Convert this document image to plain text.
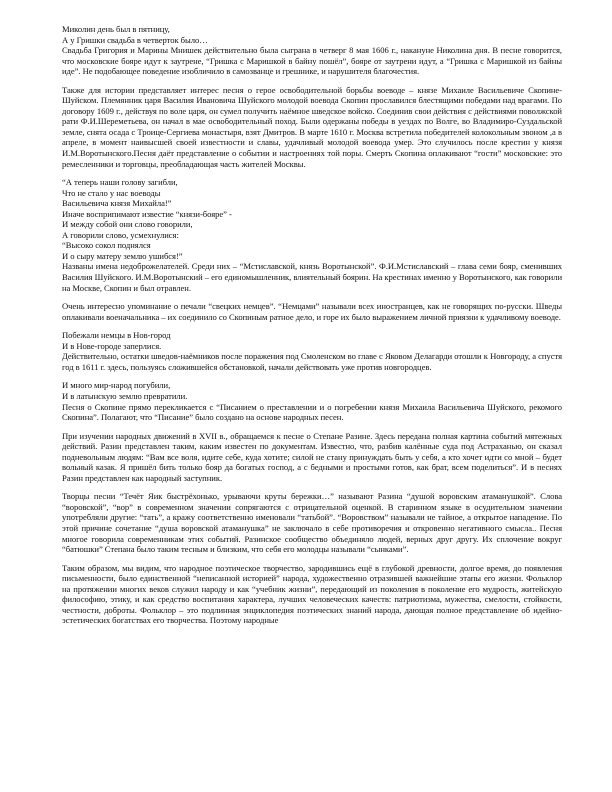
Миколин день был в пятницу,
А у Гришки свадьба в четверток было…
Свадьба Григория и Марины Мнишек действительно была сыграна в четверг 8 мая 1606 г., накануне Николина дня. В песне говорится, что московские бояре идут к заутрене, “Гришка с Маришкой в байну пошёл”, бояре от заутрени идут, а “Гришка с Маришкой из байны иде”. Не подобающее поведение изобличило в самозванце и грешнике, и нарушителя благочестия.
Также для истории представляет интерес песня о герое освободительной борьбы воеводе – князе Михаиле Васильевиче Скопине-Шуйском. Племянник царя Василия Ивановича Шуйского молодой воевода Скопин прославился блестящими победами над врагами. По договору 1609 г., действуя по воле царя, он сумел получить наёмное шведское войско. Соединив свои действия с действиями поволжской рати Ф.И.Шереметьева, он начал в мае освободительный поход. Были одержаны победы в уездах по Волге, во Владимиро-Суздальской земле, снята осада с Троице-Сергиева монастыря, взят Дмитров. В марте 1610 г. Москва встретила победителей колокольным звоном ,а в апреле, в момент наивысшей своей известности и славы, удачливый молодой воевода умер. Это случилось после крестин у князя И.М.Воротынского.Песня даёт представление о событии и настроениях той поры. Смерть Скопина оплакивают “гости” московские: это ремесленники и торговцы, преобладающая часть жителей Москвы.
“А теперь наши голову загибли,
Что не стало у нас воеводы
Васильевича князя Михайла!”
Иначе восприпимают известие “князи-бояре” -
И между собой они слово говорили,
А говорили слово, усмехнулися:
“Высоко сокол поднялся
И о сыру матеру землю ушибся!”
Названы имена недоброжелателей. Среди них – “Мстиславской, князь Воротынской”. Ф.И.Мстиславский – глава семи бояр, сменивших Василия Шуйского. И.М.Воротынский – его единомышленник, влиятельный боярин. На крестинах именно у Воротынского, как говорили на Москве, Скопин и был отравлен.
Очень интересно упоминание о печали “свецких немцев”. “Немцами” называли всех иностранцев, как не говорящих по-русски. Шведы оплакивали военачальника – их соединило со Скопиным ратное дело, и горе их было выражением личной приязни к удачливому воеводе.
Побежали немцы в Нов-город
И в Нове-городе заперлися.
Действительно, остатки шведов-наёмников после поражения под Смоленском во главе с Яковом Делагарди отошли к Новгороду, а спустя год в 1611 г. здесь, пользуясь сложившейся обстановкой, начали действовать уже против новгородцев.
И много мир-народ погубили,
И в латынскую землю превратили.
Песня о Скопине прямо перекликается с “Писанием о преставлении и о погребении князя Михаила Васильевича Шуйского, рекомого Скопина”. Полагают, что “Писание” было создано на основе народных песен.
При изучении народных движений в XVII в., обращаемся к песне о Степане Разине. Здесь передана полная картина событий мятежных действий. Разин представлен таким, каким известен по документам. Известно, что, разбив калённые суда под Астраханью, он сказал подневольным людям: “Вам все воля, идите себе, куда хотите; силой не стану принуждать быть у себя, а кто хочет идти со мной – будет вольный казак. Я пришёл бить только бояр да богатых господ, а с бедными и простыми готов, как брат, всем поделиться”. И в песнях Разин представлен как народный заступник.
Творцы песни “Течёт Яик быстрёхонько, урываючи круты бережки…” называют Разина “душой воровским атаманушкой”. Слова “воровской”, “вор” в современном значении сопрягаются с отрицательной оценкой. В старинном языке в осудительном значении употребляли другие: “тать”, а кражу соответственно именовали “татьбой”. “Воровством” называли не тайное, а открытое нападение. По этой причине сочетание “душа воровской атаманушка” не заключало в себе противоречия и откровенно негативного смысла.. Песня многое говорила современникам этих событий. Разинское сообщество объединяло людей, верных друг другу. Их сплочение вокруг “батюшки” Степана было таким тесным и близким, что себя его молодцы называли “сынками”.
Таким образом, мы видим, что народное поэтическое творчество, зародившись ещё в глубокой древности, долгое время, до появления письменности, было единственной “неписанной историей” народа, художественно отразившей важнейшие этапы его жизни. Фольклор на протяжении многих веков служил народу и как “учебник жизни”, передающий из поколения в поколение его мудрость, житейскую философию, этику, и как средство воспитания характера, лучших человеческих качеств: патриотизма, мужества, смелости, стойкости, честности, доброты. Фольклор – это подлинная энциклопедия поэтических знаний народа, дающая полное представление об идейно-эстетических богатствах его творчества. Поэтому народные
